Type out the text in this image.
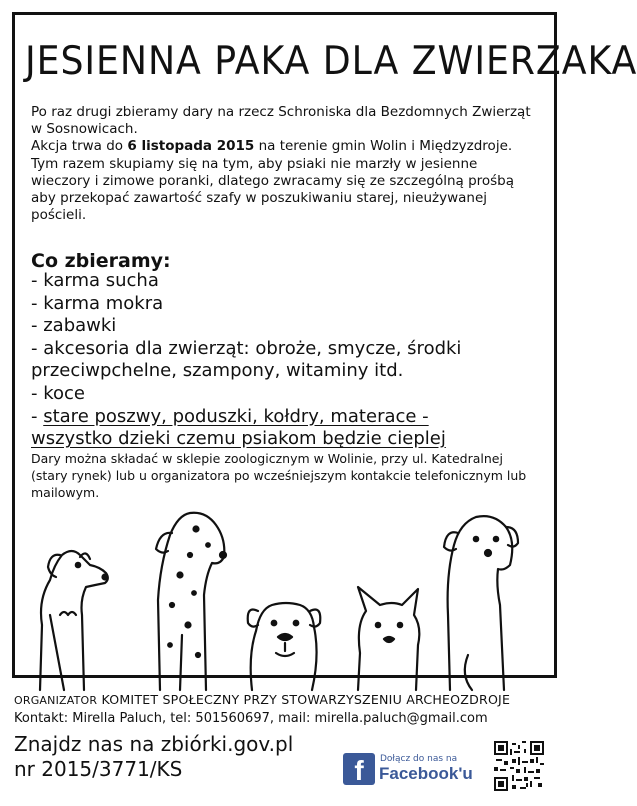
JESIENNA PAKA DLA ZWIERZAKA

Po raz drugi zbieramy dary na rzecz Schroniska dla Bezdomnych Zwierząt w Sosnowicach.

Akcja trwa do 6 listopada 2015 na terenie gmin Wolin i Międzyzdroje.

Tym razem skupiamy się na tym, aby psiaki nie marzły w jesienne wieczory i zimowe poranki, dlatego zwracamy się ze szczególną prośbą aby przekopać zawartość szafy w poszukiwaniu starej, nieużywanej pościeli.

Co zbieramy:
- karma sucha
- karma mokra
- zabawki
- akcesoria dla zwierząt: obroże, smycze, środki
przeciwpchelne, szampony, witaminy itd.
- koce
- stare poszwy, poduszki, kołdry, materace -
wszystko dzieki czemu psiakom będzie cieplej
Dary można składać w sklepie zoologicznym w Wolinie, przy ul. Katedralnej (stary rynek) lub u organizatora po wcześniejszym kontakcie telefonicznym lub mailowym.
ORGANIZATOR KOMITET SPOŁECZNY PRZY STOWARZYSZENIU ARCHEOZDROJE
Kontakt: Mirella Paluch, tel: 501560697, mail: mirella.paluch@gmail.com
Znajdz nas na zbiórki.gov.pl
nr 2015/3771/KS	f	Dołącz do nas na
Facebook'u
